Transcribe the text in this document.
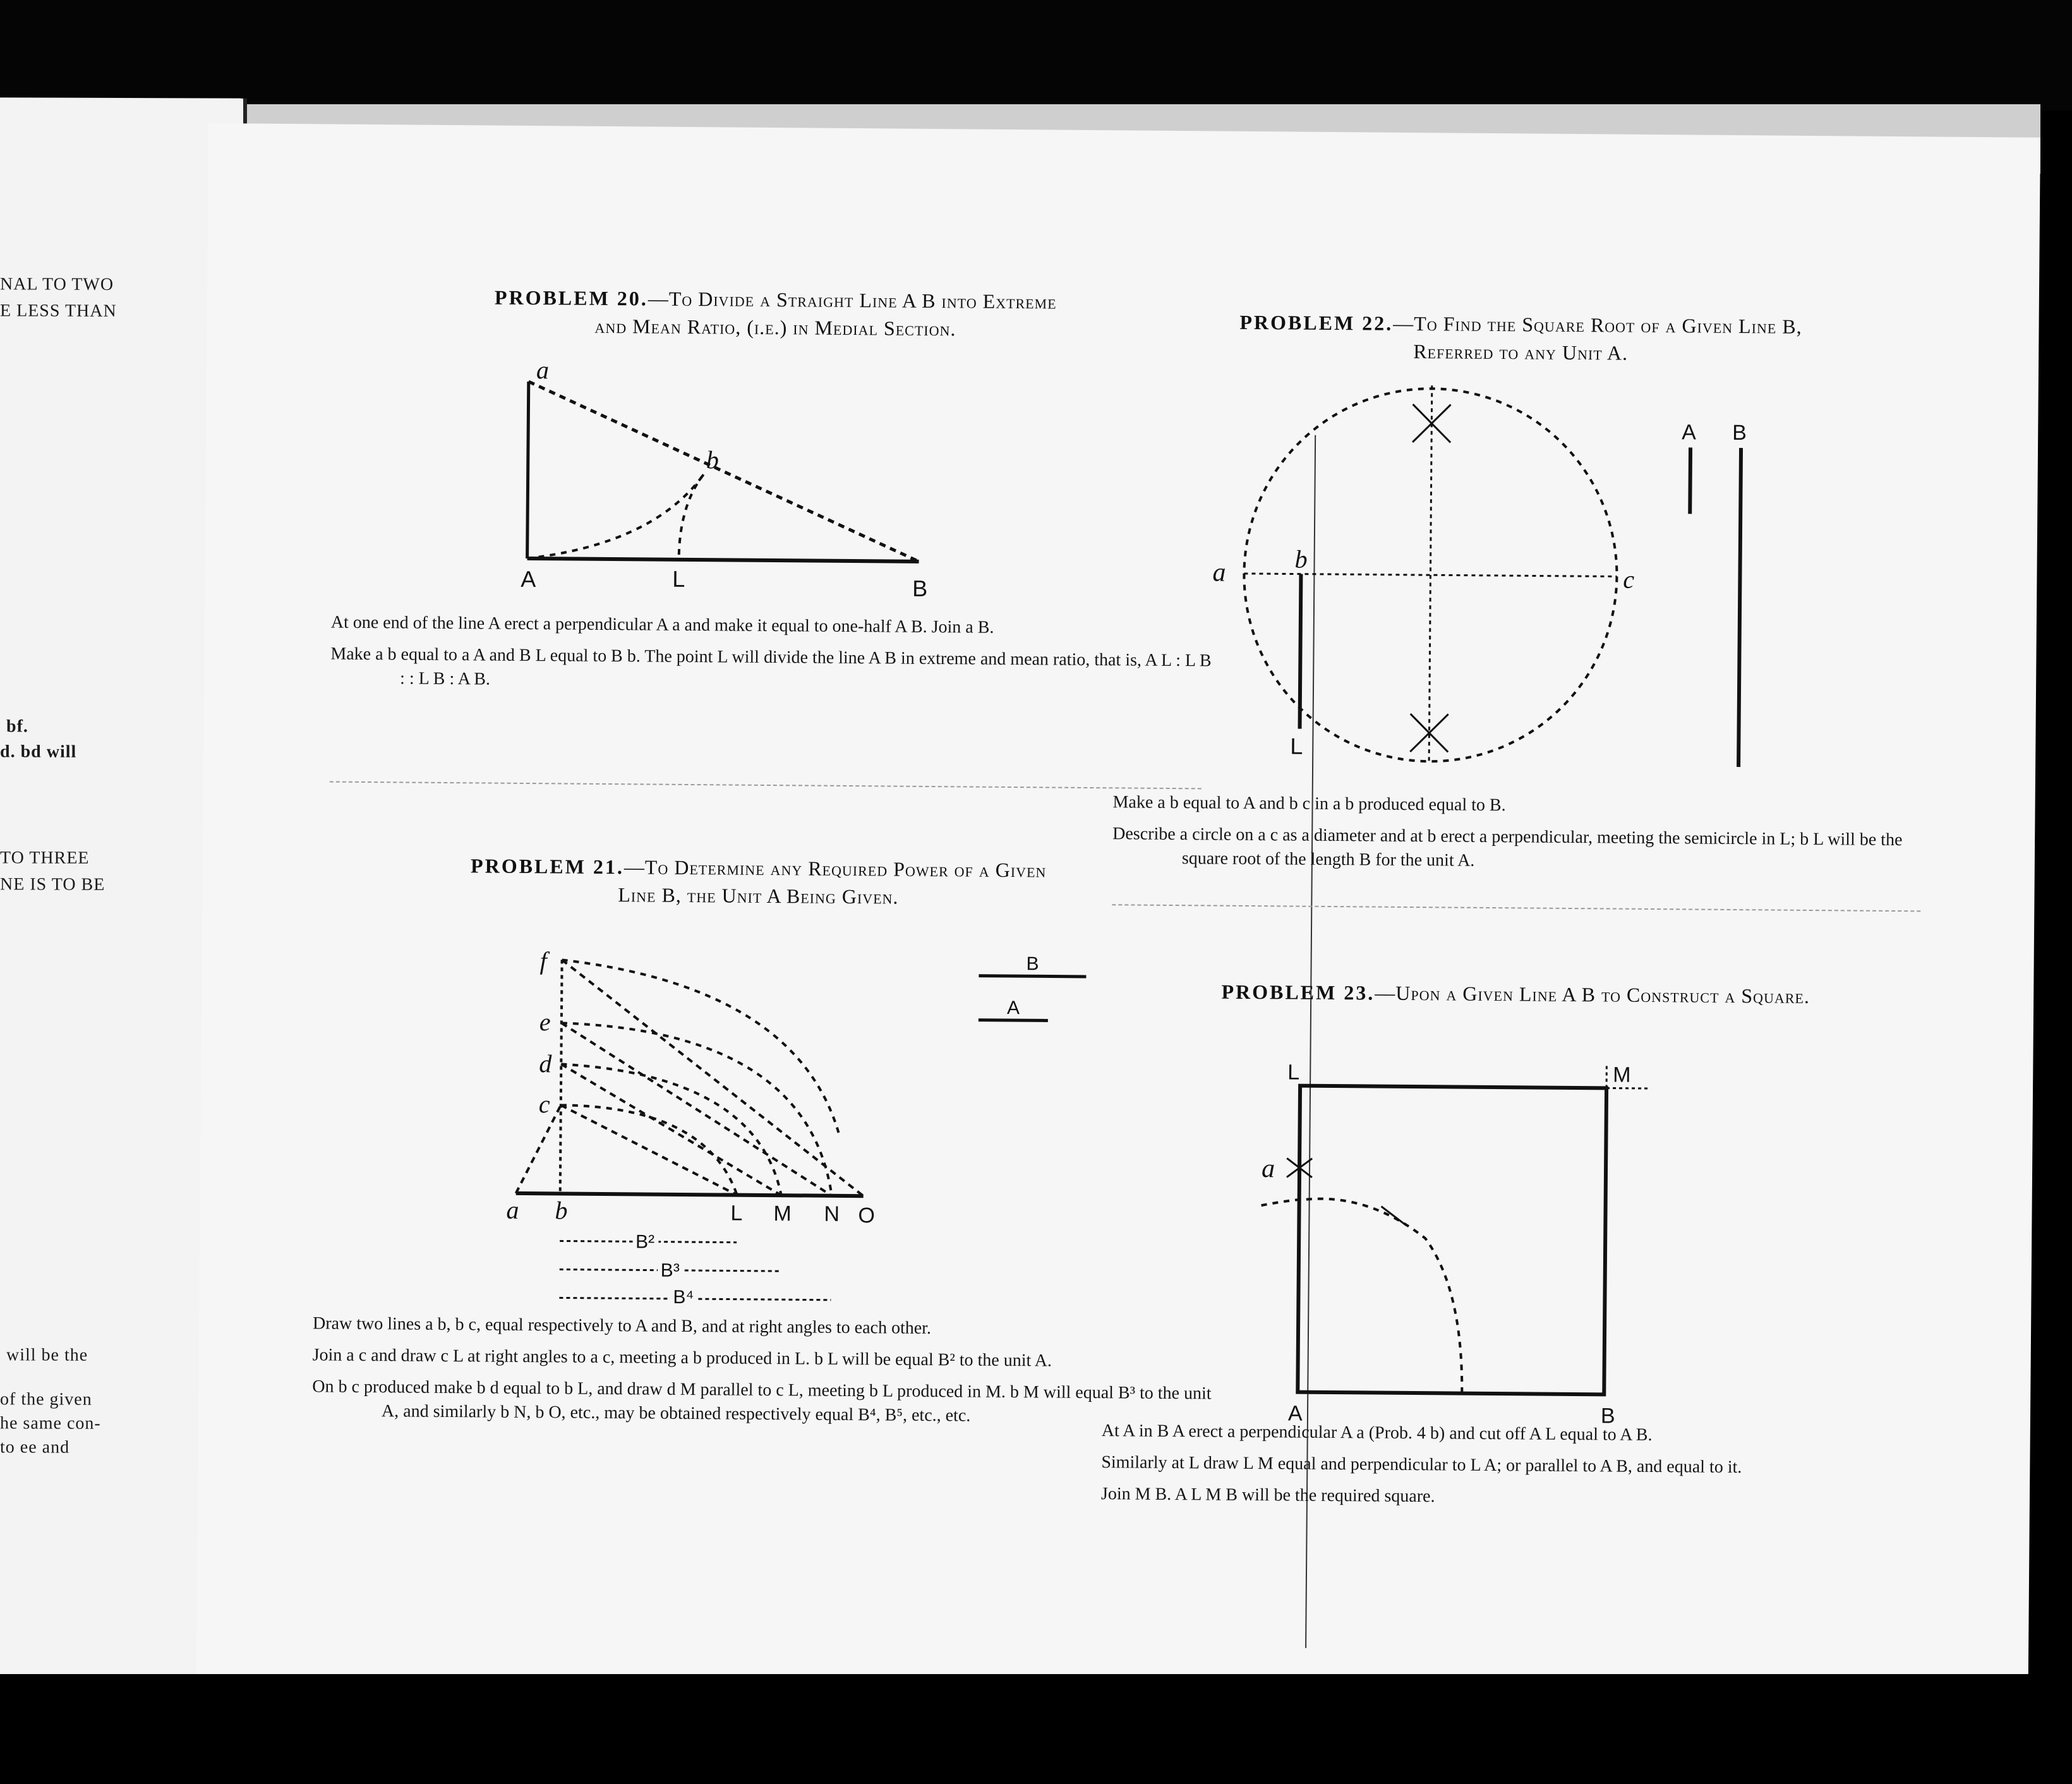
NAL TO TWO
E LESS THAN
bf.
d. bd will
TO THREE
NE IS TO BE
will be the
of the given
he same con-
to ee and
PROBLEM 20.—To Divide a Straight Line A B into Extreme
and Mean Ratio, (i.e.) in Medial Section.
a
b
A	L	B

At one end of the line A erect a perpendicular A a and make it equal to one-half A B. Join a B.

Make a b equal to a A and B L equal to B b. The point L will divide the line A B in extreme and mean ratio, that is, A L : L B : : L B : A B.

PROBLEM 21.—To Determine any Required Power of a Given
Line B, the Unit A Being Given.
f
e
d
c
a b	L M N O
B²
B³
B⁴
B
A

Draw two lines a b, b c, equal respectively to A and B, and at right angles to each other.

Join a c and draw c L at right angles to a c, meeting a b produced in L. b L will be equal B² to the unit A.

On b c produced make b d equal to b L, and draw d M parallel to c L, meeting b L produced in M. b M will equal B³ to the unit A, and similarly b N, b O, etc., may be obtained respectively equal B⁴, B⁵, etc., etc.

PROBLEM 22.—To Find the Square Root of a Given Line B,
Referred to any Unit A.
a	b
c
L
A B

Make a b equal to A and b c in a b produced equal to B.

Describe a circle on a c as a diameter and at b erect a perpendicular, meeting the semicircle in L; b L will be the square root of the length B for the unit A.

PROBLEM 23.—Upon a Given Line A B to Construct a Square.
L	M
a
A	B

At A in B A erect a perpendicular A a (Prob. 4 b) and cut off A L equal to A B.

Similarly at L draw L M equal and perpendicular to L A; or parallel to A B, and equal to it.

Join M B. A L M B will be the required square.
